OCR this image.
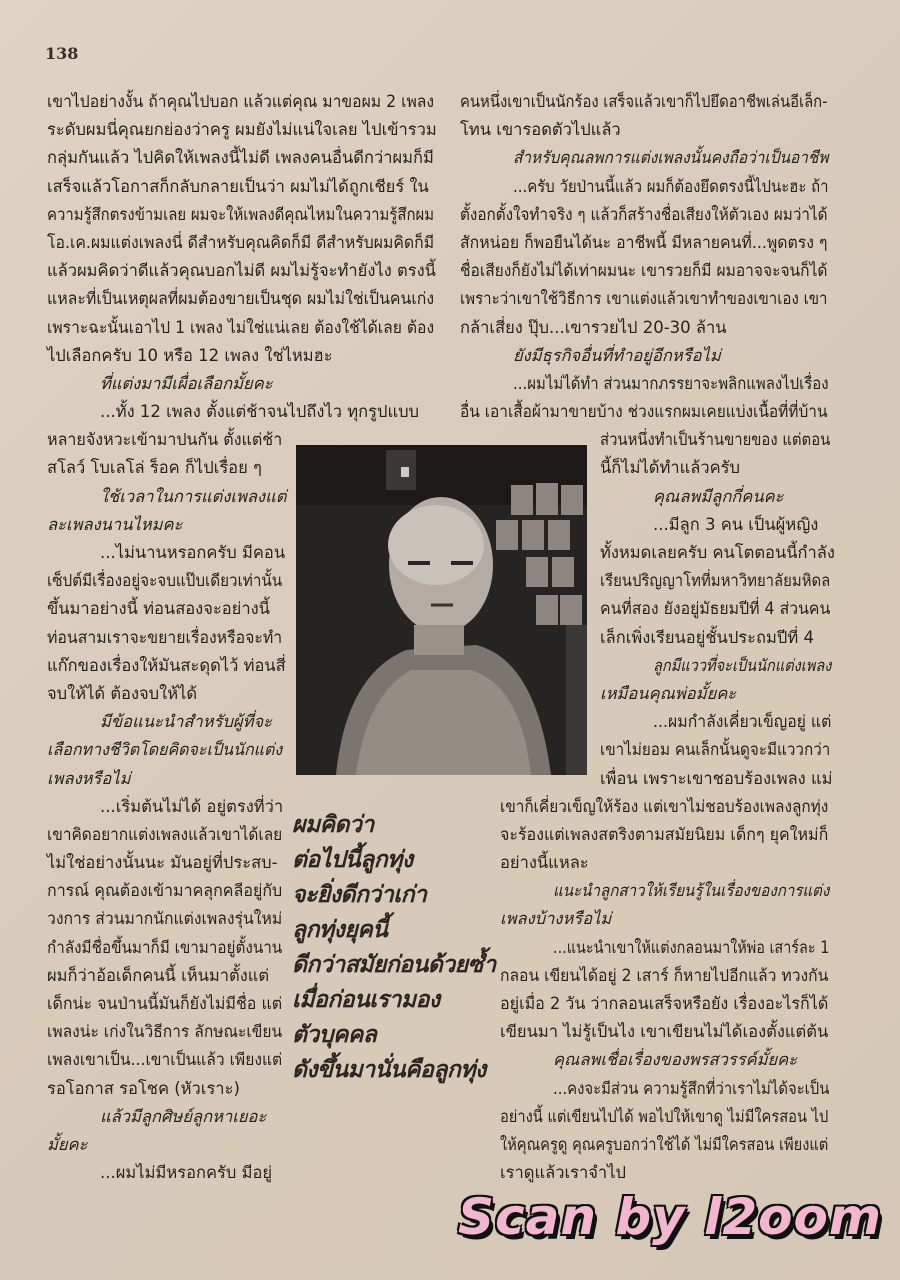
138
เขาไปอย่างงั้น ถ้าคุณไปบอก แล้วแต่คุณ มาขอผม 2 เพลง
ระดับผมนี่คุณยกย่องว่าครู ผมยังไม่แน่ใจเลย ไปเข้ารวม
กลุ่มกันแล้ว ไปคิดให้เพลงนี้ไม่ดี เพลงคนอื่นดีกว่าผมก็มี
เสร็จแล้วโอกาสก็กลับกลายเป็นว่า ผมไม่ได้ถูกเชียร์ ใน
ความรู้สึกตรงข้ามเลย ผมจะให้เพลงดีคุณไหมในความรู้สึกผม
โอ.เค.ผมแต่งเพลงนี่ ดีสำหรับคุณคิดก็มี ดีสำหรับผมคิดก็มี
แล้วผมคิดว่าดีแล้วคุณบอกไม่ดี ผมไม่รู้จะทำยังไง ตรงนี้
แหละที่เป็นเหตุผลที่ผมต้องขายเป็นชุด ผมไม่ใช่เป็นคนเก่ง
เพราะฉะนั้นเอาไป 1 เพลง ไม่ใช่แน่เลย ต้องใช้ได้เลย ต้อง
ไปเลือกครับ 10 หรือ 12 เพลง ใช่ไหมฮะ
ที่แต่งมามีเผื่อเลือกมั้ยคะ
...ทั้ง 12 เพลง ตั้งแต่ช้าจนไปถึงไว ทุกรูปแบบ
หลายจังหวะเข้ามาปนกัน ตั้งแต่ช้า
สโลว์ โบเลโล่ ร็อค ก็ไปเรื่อย ๆ
ใช้เวลาในการแต่งเพลงแต่
ละเพลงนานไหมคะ
...ไม่นานหรอกครับ มีคอน
เซ็ปต์มีเรื่องอยู่จะจบแป๊บเดียวเท่านั้น
ขึ้นมาอย่างนี้ ท่อนสองจะอย่างนี้
ท่อนสามเราจะขยายเรื่องหรือจะทำ
แก๊กของเรื่องให้มันสะดุดไว้ ท่อนสี่
จบให้ได้ ต้องจบให้ได้
มีข้อแนะนำสำหรับผู้ที่จะ
เลือกทางชีวิตโดยคิดจะเป็นนักแต่ง
เพลงหรือไม่
...เริ่มต้นไม่ได้ อยู่ตรงที่ว่า
เขาคิดอยากแต่งเพลงแล้วเขาได้เลย
ไม่ใช่อย่างนั้นนะ มันอยู่ที่ประสบ-
การณ์ คุณต้องเข้ามาคลุกคลีอยู่กับ
วงการ ส่วนมากนักแต่งเพลงรุ่นใหม่
กำลังมีชื่อขึ้นมาก็มี เขามาอยู่ตั้งนาน
ผมก็ว่าอ้อเด็กคนนี้ เห็นมาตั้งแต่
เด็กน่ะ จนป่านนี้มันก็ยังไม่มีชื่อ แต่
เพลงน่ะ เก่งในวิธีการ ลักษณะเขียน
เพลงเขาเป็น...เขาเป็นแล้ว เพียงแต่
รอโอกาส รอโชค (หัวเราะ)
แล้วมีลูกศิษย์ลูกหาเยอะ
มั้ยคะ
...ผมไม่มีหรอกครับ มีอยู่
คนหนึ่งเขาเป็นนักร้อง เสร็จแล้วเขาก็ไปยึดอาชีพเล่นอีเล็ก-
โทน เขารอดตัวไปแล้ว
สำหรับคุณลพการแต่งเพลงนั้นคงถือว่าเป็นอาชีพ
...ครับ วัยป่านนี้แล้ว ผมก็ต้องยึดตรงนี้ไปนะฮะ ถ้า
ตั้งอกตั้งใจทำจริง ๆ แล้วก็สร้างชื่อเสียงให้ตัวเอง ผมว่าได้
สักหน่อย ก็พอยืนได้นะ อาชีพนี้ มีหลายคนที่...พูดตรง ๆ
ชื่อเสียงก็ยังไม่ได้เท่าผมนะ เขารวยก็มี ผมอาจจะจนก็ได้
เพราะว่าเขาใช้วิธีการ เขาแต่งแล้วเขาทำของเขาเอง เขา
กล้าเสี่ยง ปุ๊บ...เขารวยไป 20-30 ล้าน
ยังมีธุรกิจอื่นที่ทำอยู่อีกหรือไม่
...ผมไม่ได้ทำ ส่วนมากภรรยาจะพลิกแพลงไปเรื่อง
อื่น เอาเสื้อผ้ามาขายบ้าง ช่วงแรกผมเคยแบ่งเนื้อที่ที่บ้าน
ส่วนหนึ่งทำเป็นร้านขายของ แต่ตอน
นี้ก็ไม่ได้ทำแล้วครับ
คุณลพมีลูกกี่คนคะ
...มีลูก 3 คน เป็นผู้หญิง
ทั้งหมดเลยครับ คนโตตอนนี้กำลัง
เรียนปริญญาโทที่มหาวิทยาลัยมหิดล
คนที่สอง ยังอยู่มัธยมปีที่ 4 ส่วนคน
เล็กเพิ่งเรียนอยู่ชั้นประถมปีที่ 4
ลูกมีแววที่จะเป็นนักแต่งเพลง
เหมือนคุณพ่อมั้ยคะ
...ผมกำลังเคี่ยวเข็ญอยู่ แต่
เขาไม่ยอม คนเล็กนั้นดูจะมีแววกว่า
เพื่อน เพราะเขาชอบร้องเพลง แม่
เขาก็เคี่ยวเข็ญให้ร้อง แต่เขาไม่ชอบร้องเพลงลูกทุ่ง
จะร้องแต่เพลงสตริงตามสมัยนิยม เด็กๆ ยุคใหม่ก็
อย่างนี้แหละ
แนะนำลูกสาวให้เรียนรู้ในเรื่องของการแต่ง
เพลงบ้างหรือไม่
...แนะนำเขาให้แต่งกลอนมาให้พ่อ เสาร์ละ 1
กลอน เขียนได้อยู่ 2 เสาร์ ก็หายไปอีกแล้ว ทวงกัน
อยู่เมื่อ 2 วัน ว่ากลอนเสร็จหรือยัง เรื่องอะไรก็ได้
เขียนมา ไม่รู้เป็นไง เขาเขียนไม่ได้เองตั้งแต่ต้น
คุณลพเชื่อเรื่องของพรสวรรค์มั้ยคะ
...คงจะมีส่วน ความรู้สึกที่ว่าเราไม่ได้จะเป็น
อย่างนี้ แต่เขียนไปได้ พอไปให้เขาดู ไม่มีใครสอน ไป
ให้คุณครูดู คุณครูบอกว่าใช้ได้ ไม่มีใครสอน เพียงแต่
เราดูแล้วเราจำไป
ผมคิดว่า
ต่อไปนี้ลูกทุ่ง
จะยิ่งดีกว่าเก่า
ลูกทุ่งยุคนี้
ดีกว่าสมัยก่อนด้วยซ้ำ
เมื่อก่อนเรามอง
ตัวบุคคล
ดังขึ้นมานั่นคือลูกทุ่ง
Scan by l2oom
